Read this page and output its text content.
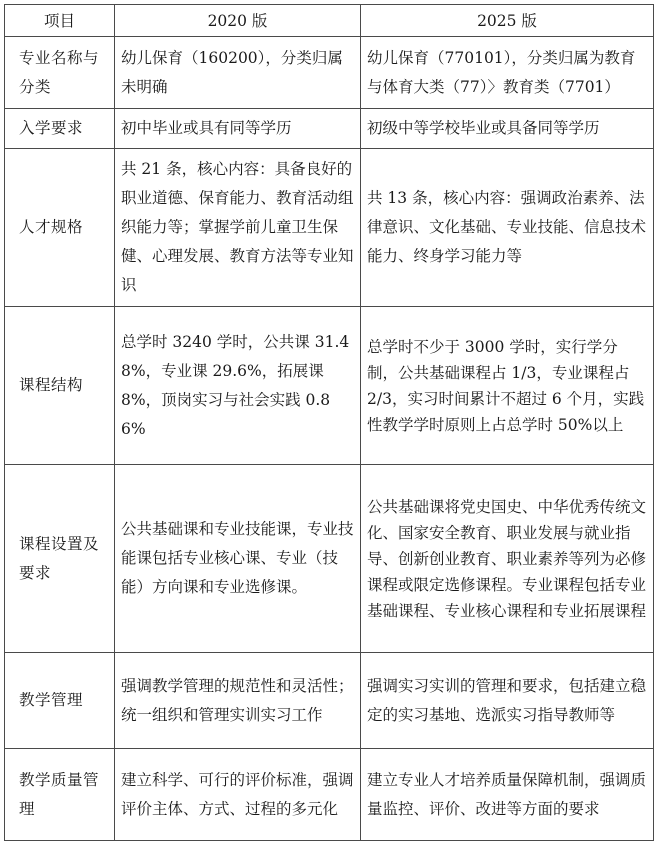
项目	2020 版	2025 版
专业名称与分类	幼儿保育（160200），分类归属未明确	幼儿保育（770101），分类归属为教育与体育大类（77）〉教育类（7701）
入学要求	初中毕业或具有同等学历	初级中等学校毕业或具备同等学历
人才规格	共 21 条，核心内容：具备良好的职业道德、保育能力、教育活动组织能力等；掌握学前儿童卫生保健、心理发展、教育方法等专业知识	共 13 条，核心内容：强调政治素养、法律意识、文化基础、专业技能、信息技术能力、终身学习能力等
课程结构	总学时 3240 学时，公共课 31.48%，专业课 29.6%，拓展课 8%，顶岗实习与社会实践 0.86%	总学时不少于 3000 学时，实行学分制，公共基础课程占 1/3，专业课程占 2/3，实习时间累计不超过 6 个月，实践性教学学时原则上占总学时 50%以上
课程设置及要求	公共基础课和专业技能课，专业技能课包括专业核心课、专业（技能）方向课和专业选修课。	公共基础课将党史国史、中华优秀传统文化、国家安全教育、职业发展与就业指导、创新创业教育、职业素养等列为必修课程或限定选修课程。专业课程包括专业基础课程、专业核心课程和专业拓展课程
教学管理	强调教学管理的规范性和灵活性；统一组织和管理实训实习工作	强调实习实训的管理和要求，包括建立稳定的实习基地、选派实习指导教师等
教学质量管理	建立科学、可行的评价标准，强调评价主体、方式、过程的多元化	建立专业人才培养质量保障机制，强调质量监控、评价、改进等方面的要求
